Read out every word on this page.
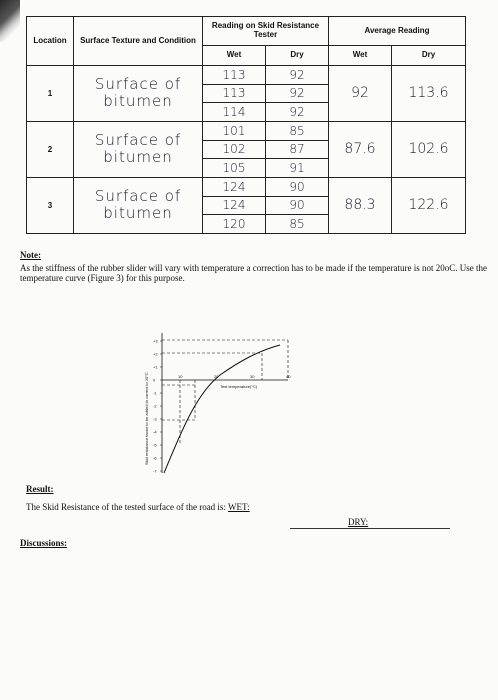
Location	Surface Texture and Condition	Reading on Skid Resistance Tester		Average Reading	
		Wet	Dry	Wet	Dry
1	Surface of bitumen	113	92	92	113.6
		113	92		
		114	92		
2	Surface of bitumen	101	85	87.6	102.6
		102	87		
		105	91		
3	Surface of bitumen	124	90	88.3	122.6
		124	90		
		120	85		
Note:
As the stiffness of the rubber slider will vary with temperature a correction has to be made if the temperature is not 20oC. Use the temperature curve (Figure 3) for this purpose.
Skid resistance factor to be added to correct to 20°C
+3
+2
+1
0
-1
-2
-3
-4
-5
-6
-7
10	20	30	40
Test temperature(°C)
Result:
The Skid Resistance of the tested surface of the road is: WET:
DRY:
Discussions:
